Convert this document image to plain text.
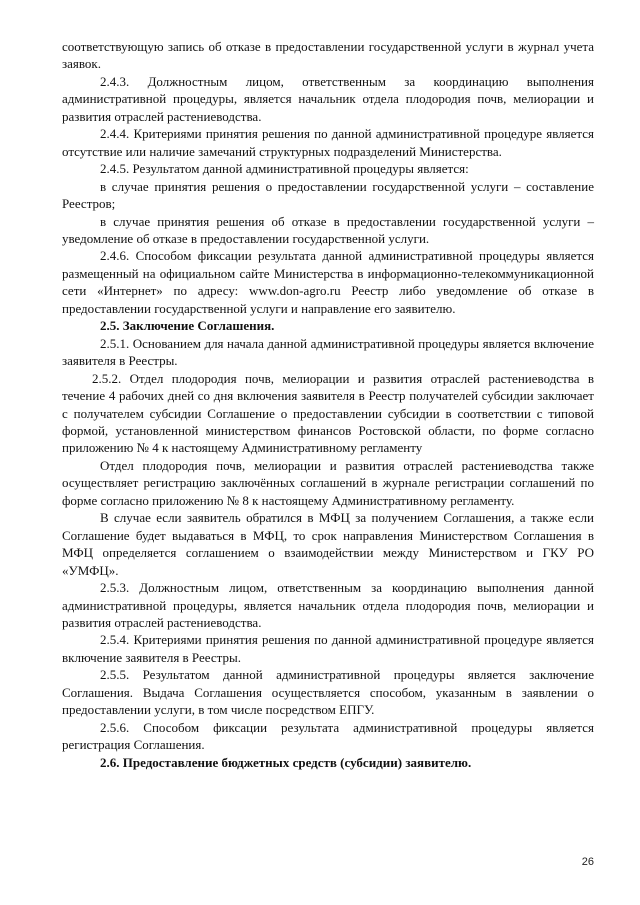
соответствующую запись об отказе в предоставлении государственной услуги в журнал учета заявок.

2.4.3. Должностным лицом, ответственным за координацию выполнения административной процедуры, является начальник отдела плодородия почв, мелиорации и развития отраслей растениеводства.

2.4.4. Критериями принятия решения по данной административной процедуре является отсутствие или наличие замечаний структурных подразделений Министерства.

2.4.5. Результатом данной административной процедуры является:

в случае принятия решения о предоставлении государственной услуги – составление Реестров;

в случае принятия решения об отказе в предоставлении государственной услуги – уведомление об отказе в предоставлении государственной услуги.

2.4.6. Способом фиксации результата данной административной процедуры является размещенный на официальном сайте Министерства в информационно-телекоммуникационной сети «Интернет» по адресу: www.don-agro.ru Реестр либо уведомление об отказе в предоставлении государственной услуги и направление его заявителю.

2.5. Заключение Соглашения.

2.5.1. Основанием для начала данной административной процедуры является включение заявителя в Реестры.

2.5.2. Отдел плодородия почв, мелиорации и развития отраслей растениеводства в течение 4 рабочих дней со дня включения заявителя в Реестр получателей субсидии заключает с получателем субсидии Соглашение о предоставлении субсидии в соответствии с типовой формой, установленной министерством финансов Ростовской области, по форме согласно приложению № 4 к настоящему Административному регламенту

Отдел плодородия почв, мелиорации и развития отраслей растениеводства также осуществляет регистрацию заключённых соглашений в журнале регистрации соглашений по форме согласно приложению № 8 к настоящему Административному регламенту.

В случае если заявитель обратился в МФЦ за получением Соглашения, а также если Соглашение будет выдаваться в МФЦ, то срок направления Министерством Соглашения в МФЦ определяется соглашением о взаимодействии между Министерством и ГКУ РО «УМФЦ».

2.5.3. Должностным лицом, ответственным за координацию выполнения данной административной процедуры, является начальник отдела плодородия почв, мелиорации и развития отраслей растениеводства.

2.5.4. Критериями принятия решения по данной административной процедуре является включение заявителя в Реестры.

2.5.5. Результатом данной административной процедуры является заключение Соглашения. Выдача Соглашения осуществляется способом, указанным в заявлении о предоставлении услуги, в том числе посредством ЕПГУ.

2.5.6. Способом фиксации результата административной процедуры является регистрация Соглашения.

2.6. Предоставление бюджетных средств (субсидии) заявителю.

26
